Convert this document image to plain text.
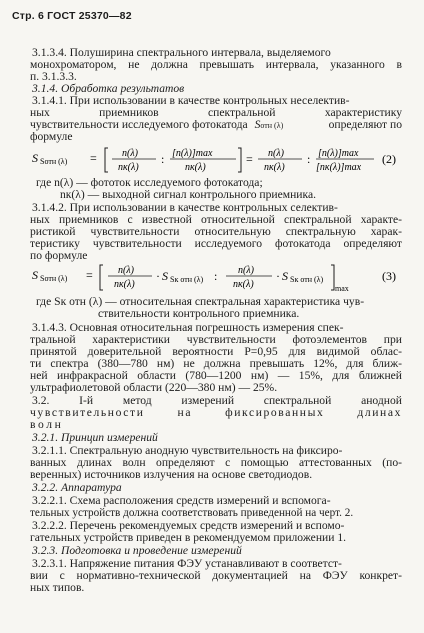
Стр. 6 ГОСТ 25370—82
3.1.3.4. Полуширина спектрального интервала, выделяемого
монохроматором, не должна превышать интервала, указанного в
п. 3.1.3.3.
3.1.4. Обработка результатов
3.1.4.1. При использовании в качестве контрольных неселектив-
ных приемников спектральной характеристику
чувствительности исследуемого фотокатода Sотн (λ)	определяют по
формуле
S Sотн (λ) =	n(λ)
nк(λ)
: [n(λ)]max
nк(λ)
= n(λ)
nк(λ)
: [n(λ)]max
[nк(λ)]max
(2)
где n(λ) — фототок исследуемого фотокатода;
nк(λ) — выходной сигнал контрольного приемника.
3.1.4.2. При использовании в качестве контрольных селектив-
ных приемников с известной относительной спектральной характе-
ристикой чувствительности относительную спектральную харак-
теристику чувствительности исследуемого фотокатода определяют
по формуле
S Sотн (λ) =	n(λ)
nк(λ)
· S Sк отн (λ) : n(λ)
nк(λ)
· S Sк отн (λ)
max
(3)
где Sк отн (λ) — относительная спектральная характеристика чув-
ствительности контрольного приемника.
3.1.4.3. Основная относительная погрешность измерения спек-
тральной характеристики чувствительности фотоэлементов при
принятой доверительной вероятности P=0,95 для видимой облас-
ти спектра (380—780 нм) не должна превышать 12%, для ближ-
ней инфракрасной области (780—1200 нм) — 15%, для ближней
ультрафиолетовой области (220—380 нм) — 25%.
3.2. I-й метод измерений спектральной анодной
чувствительности на фиксированных длинах
волн
3.2.1. Принцип измерений
3.2.1.1. Спектральную анодную чувствительность на фиксиро-
ванных длинах волн определяют с помощью аттестованных (по-
веренных) источников излучения на основе светодиодов.
3.2.2. Аппаратура
3.2.2.1. Схема расположения средств измерений и вспомога-
тельных устройств должна соответствовать приведенной на черт. 2.
3.2.2.2. Перечень рекомендуемых средств измерений и вспомо-
гательных устройств приведен в рекомендуемом приложении 1.
3.2.3. Подготовка и проведение измерений
3.2.3.1. Напряжение питания ФЭУ устанавливают в соответст-
вии с нормативно-технической документацией на ФЭУ конкрет-
ных типов.
